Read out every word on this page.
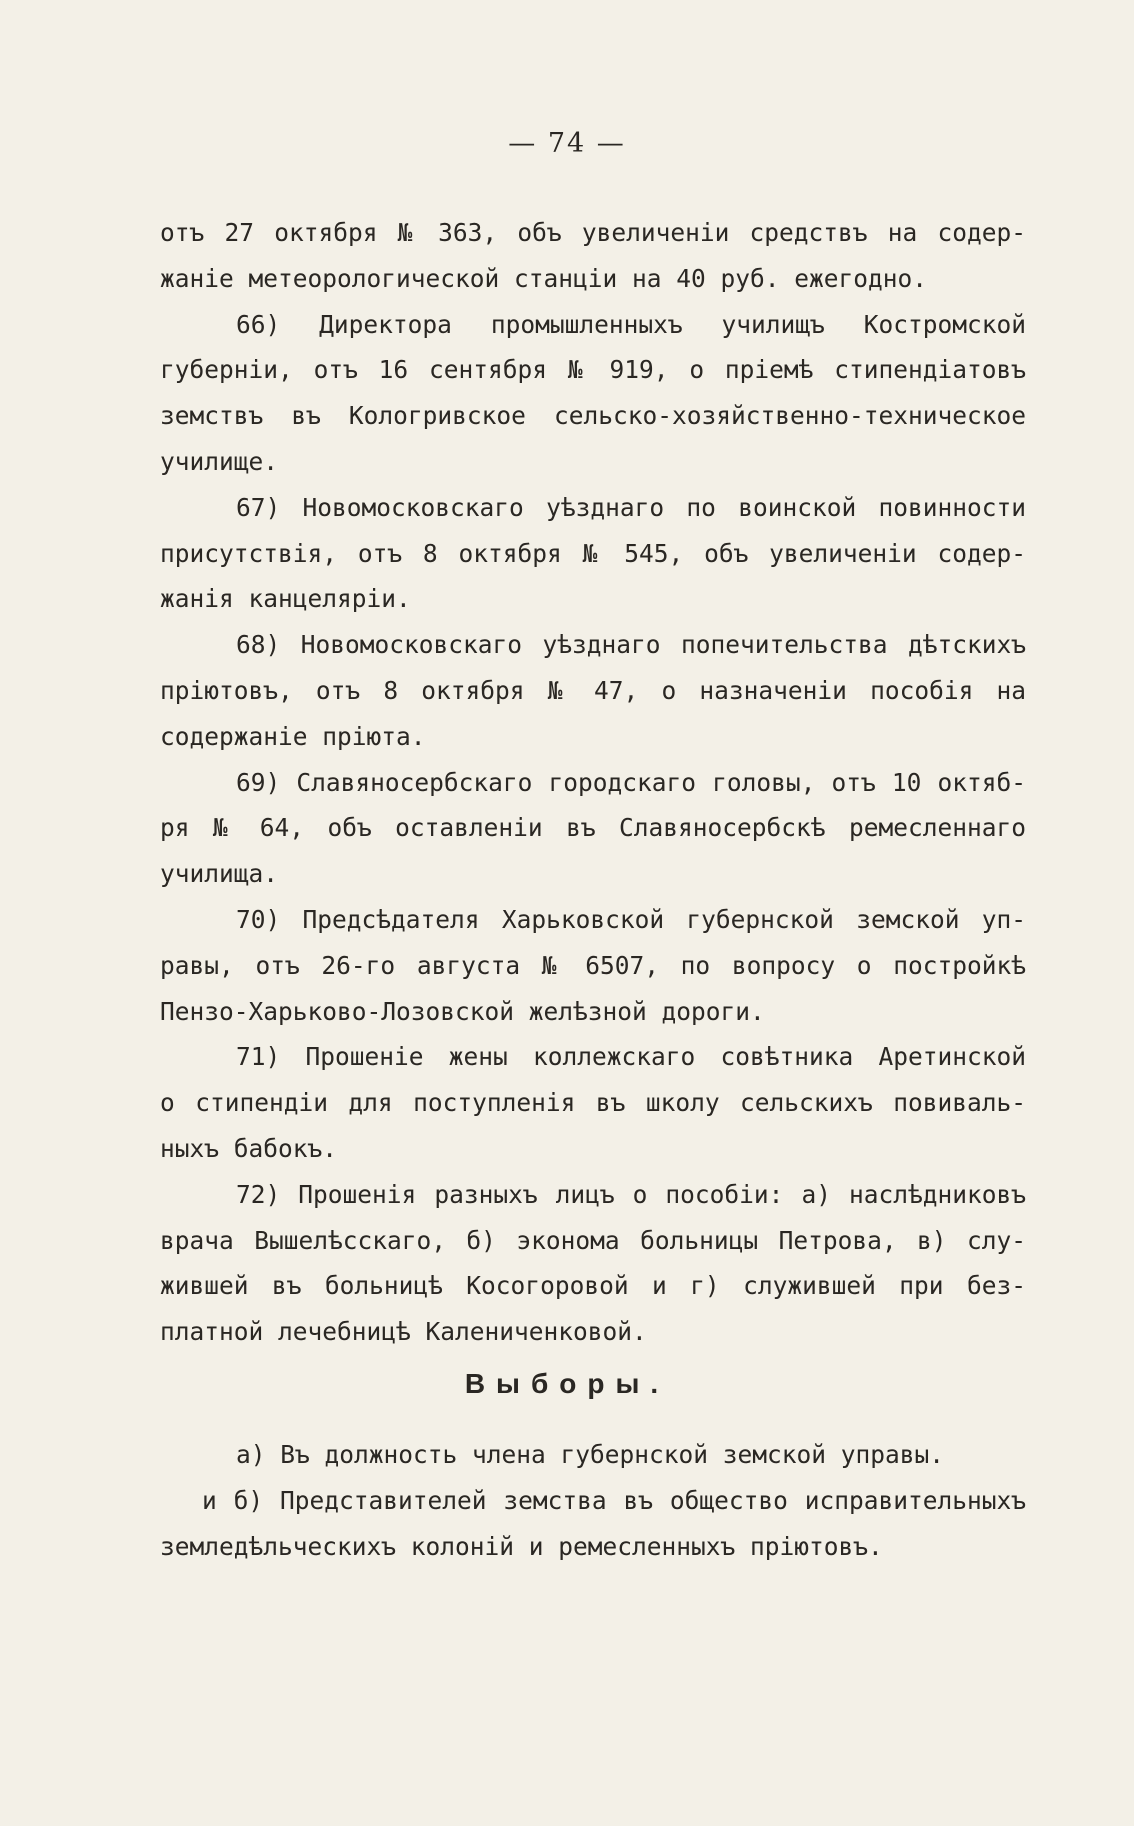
— 74 —
отъ 27 октября № 363, объ увеличеніи средствъ на содер-
жаніе метеорологической станціи на 40 руб. ежегодно.
66) Директора промышленныхъ училищъ Костромской
губерніи, отъ 16 сентября № 919, о пріемѣ стипендіатовъ
земствъ въ Кологривское сельско-хозяйственно-техническое
училище.
67) Новомосковскаго уѣзднаго по воинской повинности
присутствія, отъ 8 октября № 545, объ увеличеніи содер-
жанія канцеляріи.
68) Новомосковскаго уѣзднаго попечительства дѣтскихъ
пріютовъ, отъ 8 октября № 47, о назначеніи пособія на
содержаніе пріюта.
69) Славяносербскаго городскаго головы, отъ 10 октяб-
ря № 64, объ оставленіи въ Славяносербскѣ ремесленнаго
училища.
70) Предсѣдателя Харьковской губернской земской уп-
равы, отъ 26-го августа № 6507, по вопросу о постройкѣ
Пензо-Харьково-Лозовской желѣзной дороги.
71) Прошеніе жены коллежскаго совѣтника Аретинской
о стипендіи для поступленія въ школу сельскихъ повиваль-
ныхъ бабокъ.
72) Прошенія разныхъ лицъ о пособіи: а) наслѣдниковъ
врача Вышелѣсскаго, б) эконома больницы Петрова, в) слу-
жившей въ больницѣ Косогоровой и г) служившей при без-
платной лечебницѣ Калениченковой.
Выборы.
а) Въ должность члена губернской земской управы.
и б) Представителей земства въ общество исправительныхъ
земледѣльческихъ колоній и ремесленныхъ пріютовъ.
